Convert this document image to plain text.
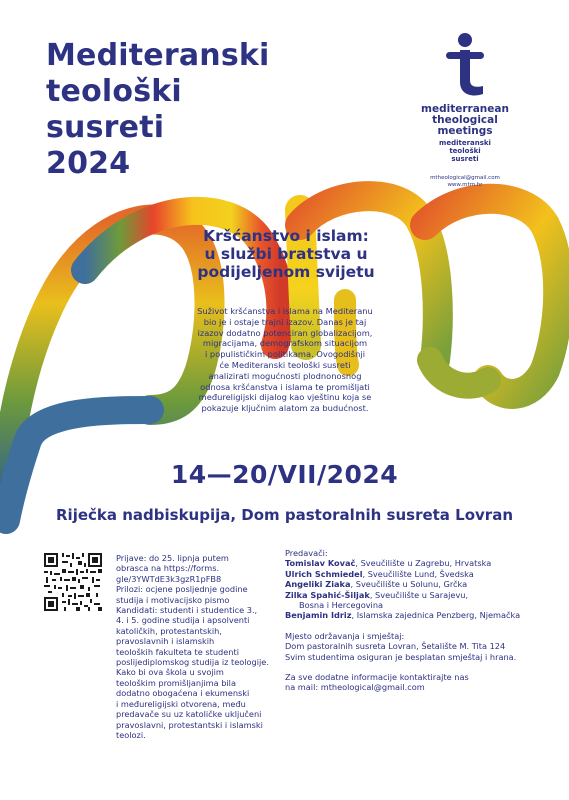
Mediteranski
teološki
susreti
2024
mediterranean
theological
meetings
mediteranski
teološki
susreti
mtheological@gmail.com
www.mtm.hr
Kršćanstvo i islam:
u službi bratstva u
podijeljenom svijetu
Suživot kršćanstva i islama na Mediteranu
bio je i ostaje trajni izazov. Danas je taj
izazov dodatno potenciran globalizacijom,
migracijama, demografskom situacijom
i populističkim politikama. Ovogodišnji
će Mediteranski teološki susreti
analizirati mogućnosti plodnonosnog
odnosa kršćanstva i islama te promišljati
međureligijski dijalog kao vještinu koja se
pokazuje ključnim alatom za budućnost.
14—20/VII/2024
Riječka nadbiskupija, Dom pastoralnih susreta Lovran

Prijave: do 25. lipnja putem

obrasca na https://forms.

gle/3YWTdE3k3gzR1pFB8

Prilozi: ocjene posljednje godine

studija i motivacijsko pismo

Kandidati: studenti i studentice 3.,

4. i 5. godine studija i apsolventi

katoličkih, protestantskih,

pravoslavnih i islamskih

teoloških fakulteta te studenti

poslijediplomskog studija iz teologije.

Kako bi ova škola u svojim

teološkim promišljanjima bila

dodatno obogaćena i ekumenski

i međureligijski otvorena, među

predavače su uz katoličke uključeni

pravoslavni, protestantski i islamski

teolozi.

Predavači:

Tomislav Kovač, Sveučilište u Zagrebu, Hrvatska

Ulrich Schmiedel, Sveučilište Lund, Švedska

Angeliki Ziaka, Sveučilište u Solunu, Grčka

Zilka Spahić-Šiljak, Sveučilište u Sarajevu,

Bosna i Hercegovina

Benjamin Idriz, Islamska zajednica Penzberg, Njemačka

Mjesto održavanja i smještaj:

Dom pastoralnih susreta Lovran, Šetalište M. Tita 124

Svim studentima osiguran je besplatan smještaj i hrana.

Za sve dodatne informacije kontaktirajte nas

na mail: mtheological@gmail.com
